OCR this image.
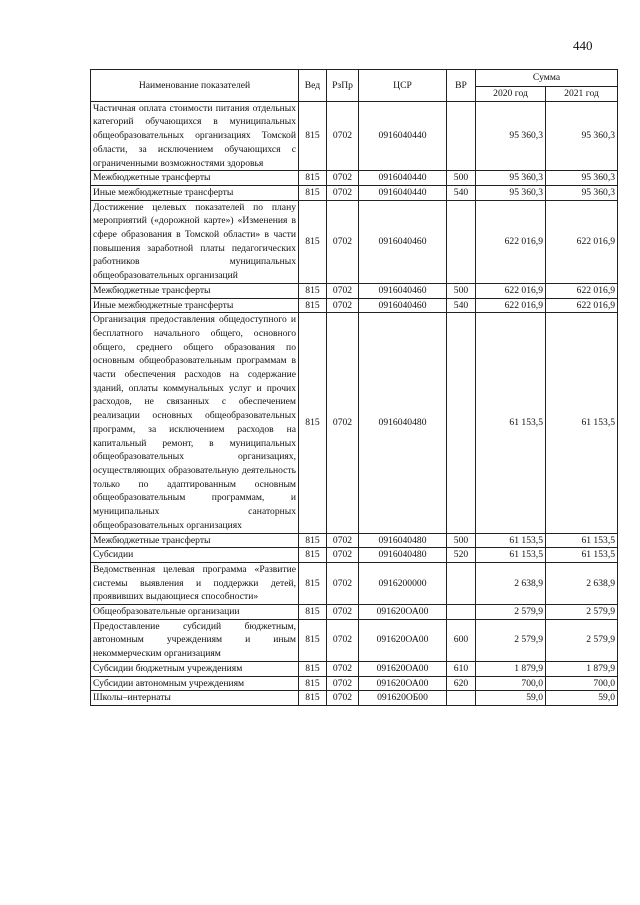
440
Наименование показателей	Вед	РзПр	ЦСР	ВР	Сумма	
					2020 год	2021 год
Частичная оплата стоимости питания отдельных категорий обучающихся в муниципальных общеобразовательных организациях Томской области, за исключением обучающихся с ограниченными возможностями здоровья	815	0702	0916040440		95 360,3	95 360,3
Межбюджетные трансферты	815	0702	0916040440	500	95 360,3	95 360,3
Иные межбюджетные трансферты	815	0702	0916040440	540	95 360,3	95 360,3
Достижение целевых показателей по плану мероприятий («дорожной карте») «Изменения в сфере образования в Томской области» в части повышения заработной платы педагогических работников муниципальных общеобразовательных организаций	815	0702	0916040460		622 016,9	622 016,9
Межбюджетные трансферты	815	0702	0916040460	500	622 016,9	622 016,9
Иные межбюджетные трансферты	815	0702	0916040460	540	622 016,9	622 016,9
Организация предоставления общедоступного и бесплатного начального общего, основного общего, среднего общего образования по основным общеобразовательным программам в части обеспечения расходов на содержание зданий, оплаты коммунальных услуг и прочих расходов, не связанных с обеспечением реализации основных общеобразовательных программ, за исключением расходов на капитальный ремонт, в муниципальных общеобразовательных организациях, осуществляющих образовательную деятельность только по адаптированным основным общеобразовательным программам, и муниципальных санаторных общеобразовательных организациях	815	0702	0916040480		61 153,5	61 153,5
Межбюджетные трансферты	815	0702	0916040480	500	61 153,5	61 153,5
Субсидии	815	0702	0916040480	520	61 153,5	61 153,5
Ведомственная целевая программа «Развитие системы выявления и поддержки детей, проявивших выдающиеся способности»	815	0702	0916200000		2 638,9	2 638,9
Общеобразовательные организации	815	0702	091620ОА00		2 579,9	2 579,9
Предоставление субсидий бюджетным, автономным учреждениям и иным некоммерческим организациям	815	0702	091620ОА00	600	2 579,9	2 579,9
Субсидии бюджетным учреждениям	815	0702	091620ОА00	610	1 879,9	1 879,9
Субсидии автономным учреждениям	815	0702	091620ОА00	620	700,0	700,0
Школы–интернаты	815	0702	091620ОБ00		59,0	59,0
